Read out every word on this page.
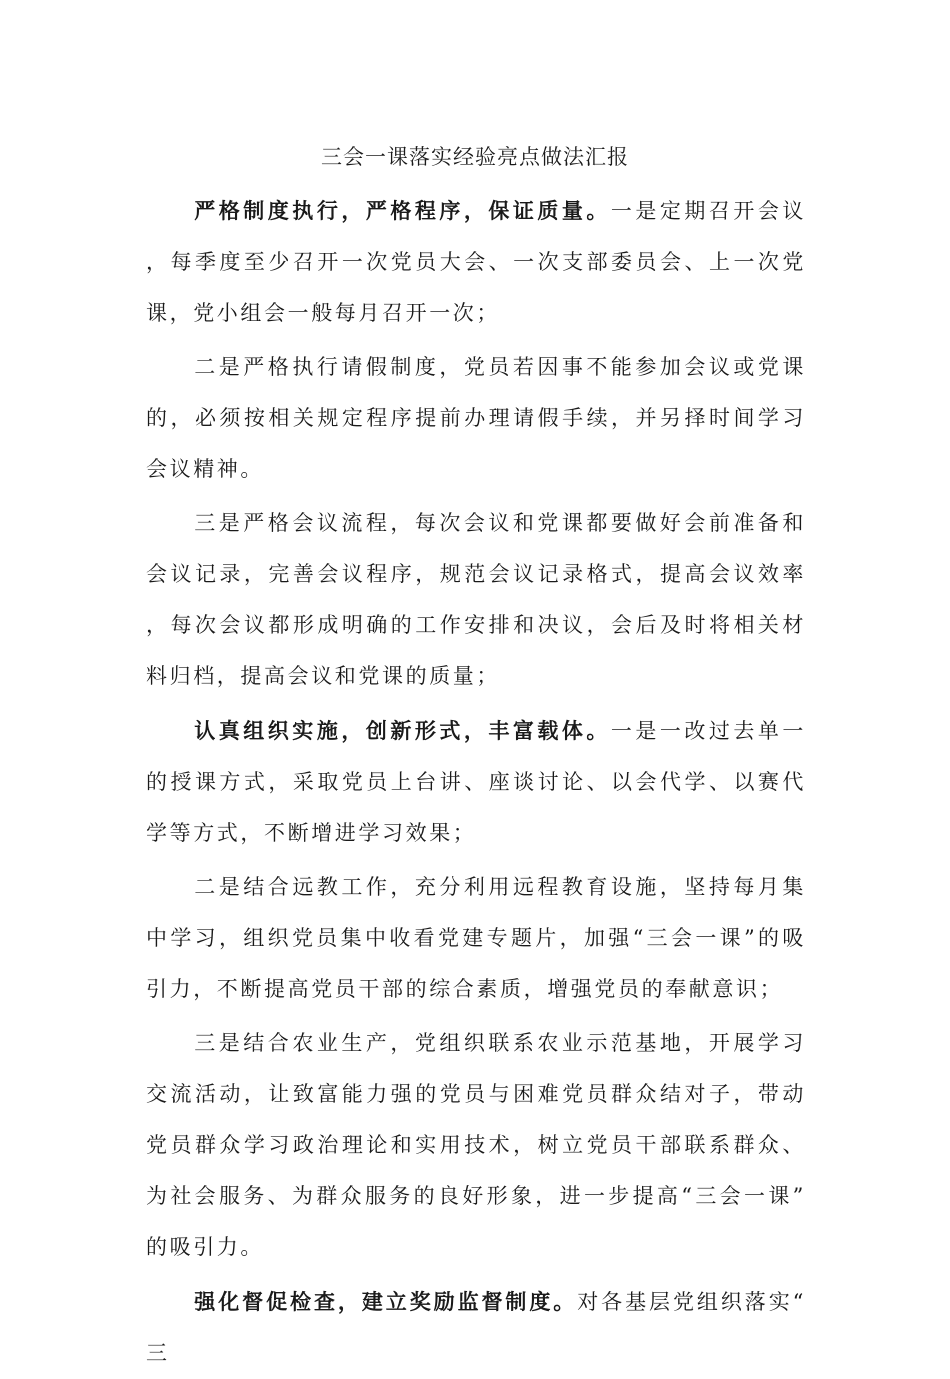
三会一课落实经验亮点做法汇报

严格制度执行，严格程序，保证质量。一是定期召开会议，每季度至少召开一次党员大会、一次支部委员会、上一次党课，党小组会一般每月召开一次；

二是严格执行请假制度，党员若因事不能参加会议或党课的，必须按相关规定程序提前办理请假手续，并另择时间学习会议精神。

三是严格会议流程，每次会议和党课都要做好会前准备和会议记录，完善会议程序，规范会议记录格式，提高会议效率，每次会议都形成明确的工作安排和决议，会后及时将相关材料归档，提高会议和党课的质量；

认真组织实施，创新形式，丰富载体。一是一改过去单一的授课方式，采取党员上台讲、座谈讨论、以会代学、以赛代学等方式，不断增进学习效果；

二是结合远教工作，充分利用远程教育设施，坚持每月集中学习，组织党员集中收看党建专题片，加强“三会一课”的吸引力，不断提高党员干部的综合素质，增强党员的奉献意识；

三是结合农业生产，党组织联系农业示范基地，开展学习交流活动，让致富能力强的党员与困难党员群众结对子，带动党员群众学习政治理论和实用技术，树立党员干部联系群众、为社会服务、为群众服务的良好形象，进一步提高“三会一课”的吸引力。

强化督促检查，建立奖励监督制度。对各基层党组织落实“三
